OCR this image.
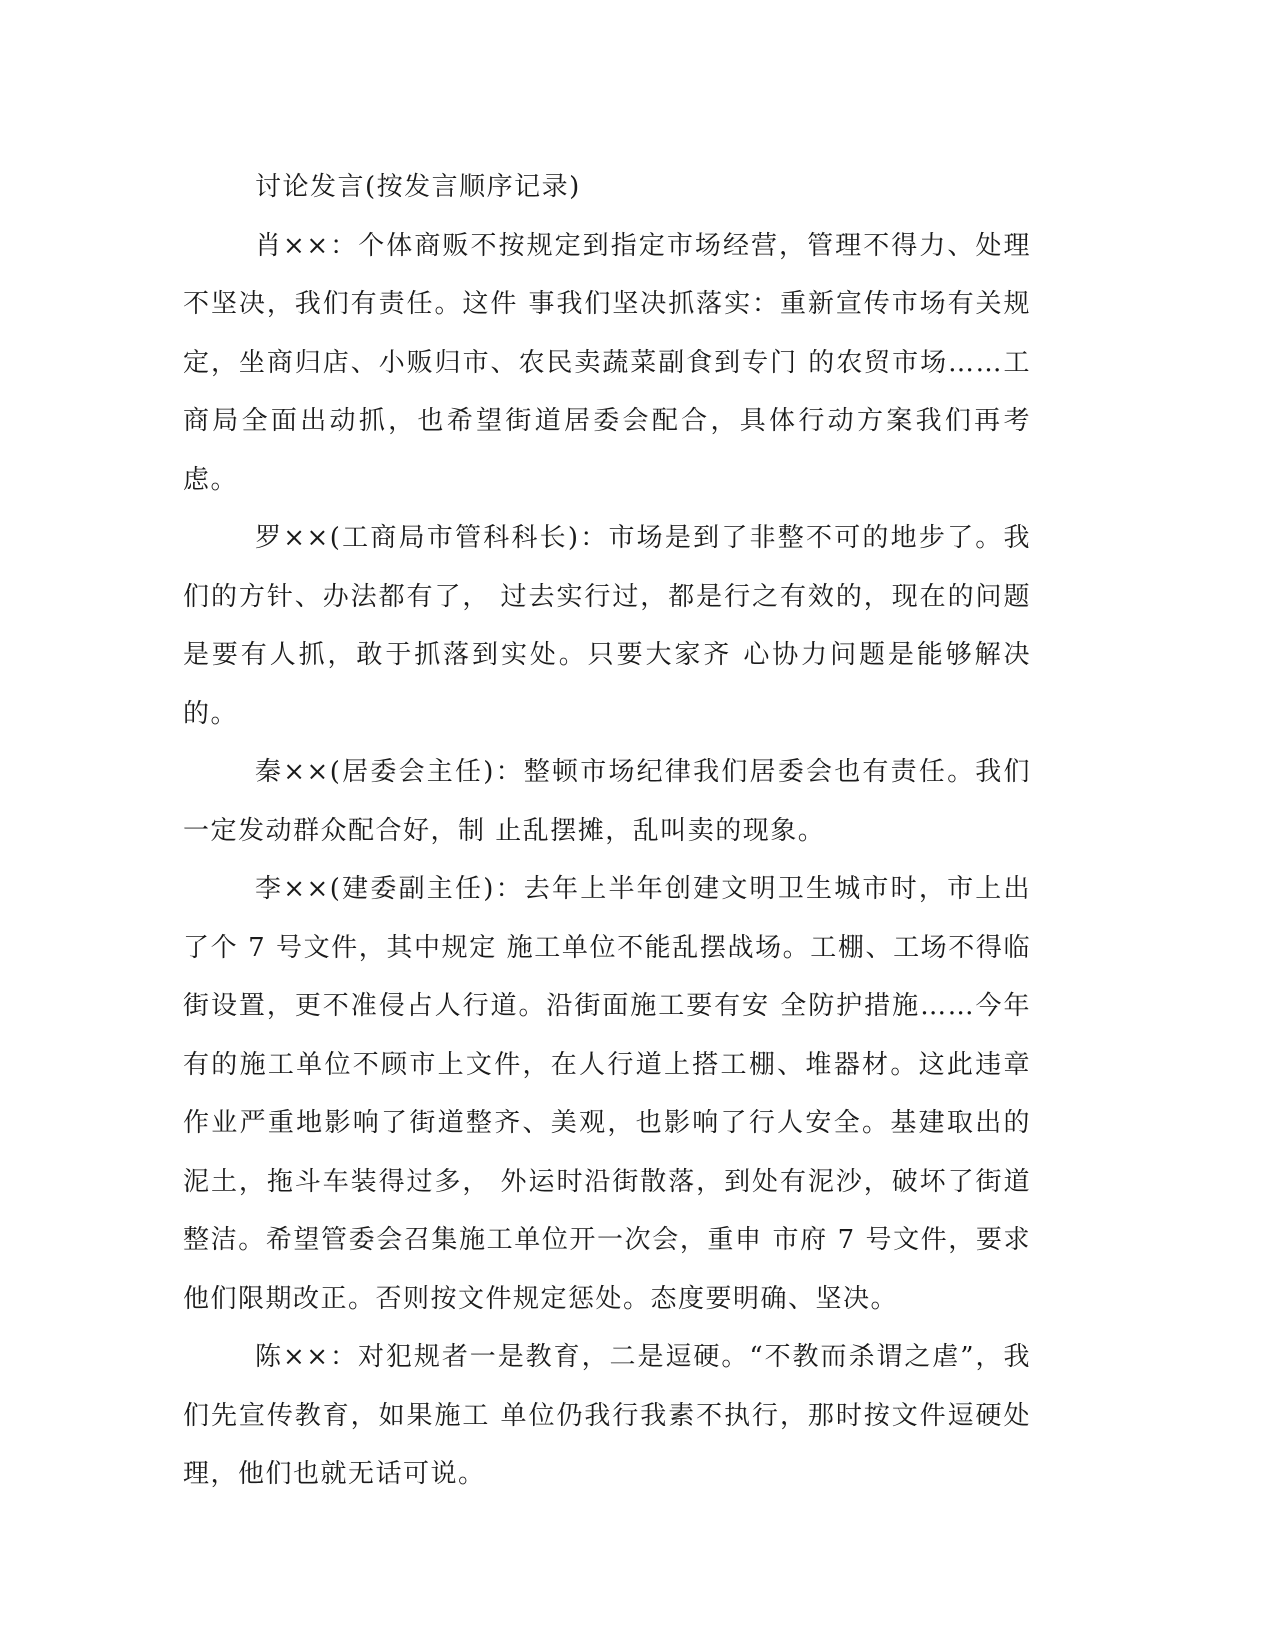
讨论发言(按发言顺序记录)

肖××：个体商贩不按规定到指定市场经营，管理不得力、处理不坚决，我们有责任。这件 事我们坚决抓落实：重新宣传市场有关规定，坐商归店、小贩归市、农民卖蔬菜副食到专门 的农贸市场……工商局全面出动抓，也希望街道居委会配合，具体行动方案我们再考虑。

罗××(工商局市管科科长)：市场是到了非整不可的地步了。我们的方针、办法都有了， 过去实行过，都是行之有效的，现在的问题是要有人抓，敢于抓落到实处。只要大家齐 心协力问题是能够解决的。

秦××(居委会主任)：整顿市场纪律我们居委会也有责任。我们一定发动群众配合好，制 止乱摆摊，乱叫卖的现象。

李××(建委副主任)：去年上半年创建文明卫生城市时，市上出了个 7 号文件，其中规定 施工单位不能乱摆战场。工棚、工场不得临街设置，更不准侵占人行道。沿街面施工要有安 全防护措施……今年有的施工单位不顾市上文件，在人行道上搭工棚、堆器材。这此违章作业严重地影响了街道整齐、美观，也影响了行人安全。基建取出的泥土，拖斗车装得过多， 外运时沿街散落，到处有泥沙，破坏了街道整洁。希望管委会召集施工单位开一次会，重申 市府 7 号文件，要求他们限期改正。否则按文件规定惩处。态度要明确、坚决。

陈××：对犯规者一是教育，二是逗硬。“不教而杀谓之虐”，我们先宣传教育，如果施工 单位仍我行我素不执行，那时按文件逗硬处理，他们也就无话可说。
